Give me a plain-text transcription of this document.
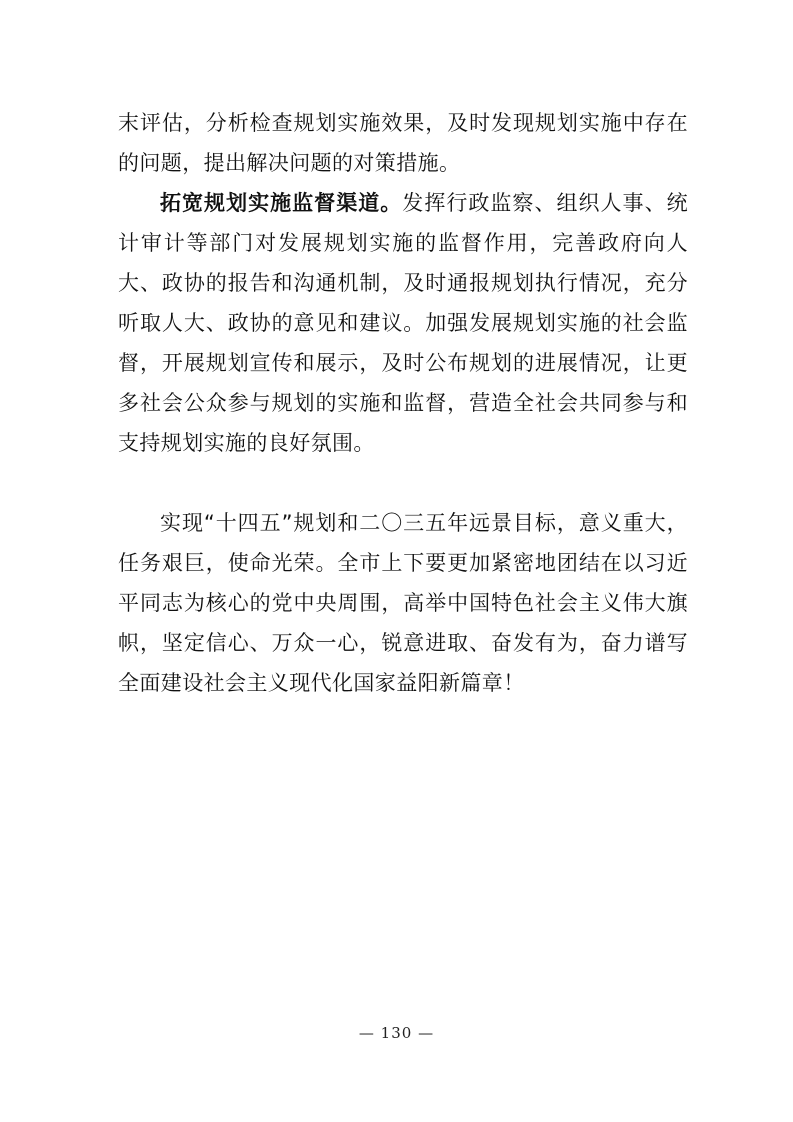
末评估，分析检查规划实施效果，及时发现规划实施中存在的问题，提出解决问题的对策措施。

拓宽规划实施监督渠道。发挥行政监察、组织人事、统计审计等部门对发展规划实施的监督作用，完善政府向人大、政协的报告和沟通机制，及时通报规划执行情况，充分听取人大、政协的意见和建议。加强发展规划实施的社会监督，开展规划宣传和展示，及时公布规划的进展情况，让更多社会公众参与规划的实施和监督，营造全社会共同参与和支持规划实施的良好氛围。

实现“十四五”规划和二〇三五年远景目标，意义重大，任务艰巨，使命光荣。全市上下要更加紧密地团结在以习近平同志为核心的党中央周围，高举中国特色社会主义伟大旗帜，坚定信心、万众一心，锐意进取、奋发有为，奋力谱写全面建设社会主义现代化国家益阳新篇章！

— 130 —
